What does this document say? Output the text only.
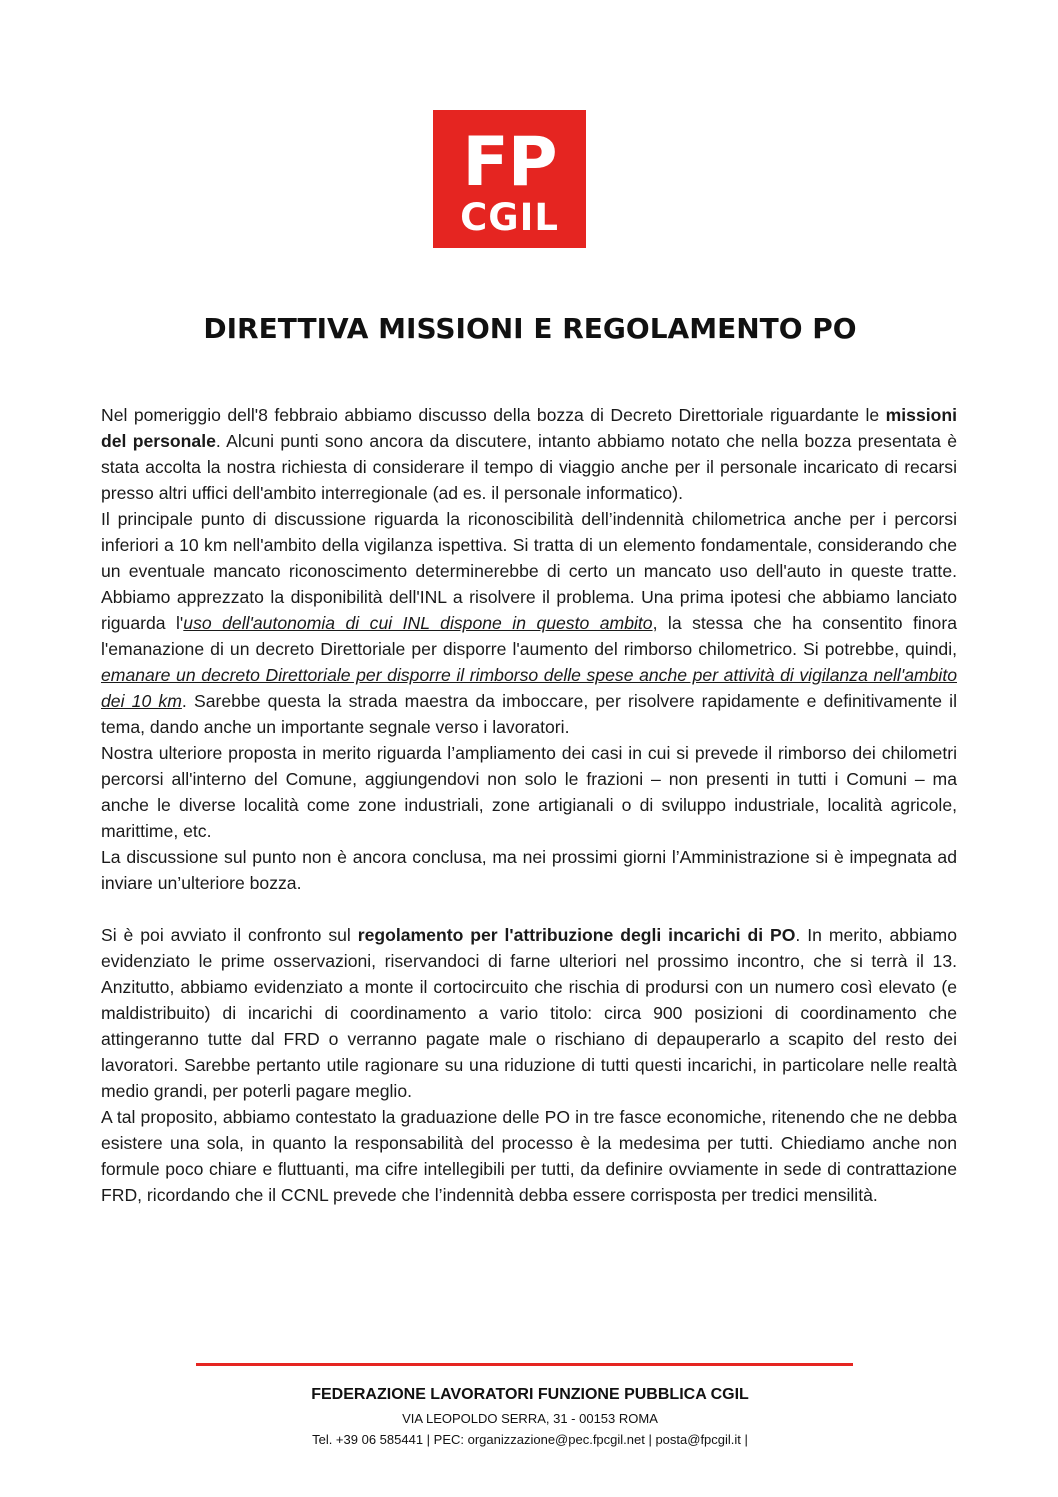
FP
CGIL
DIRETTIVA MISSIONI E REGOLAMENTO PO

Nel pomeriggio dell'8 febbraio abbiamo discusso della bozza di Decreto Direttoriale riguardante le missioni del personale. Alcuni punti sono ancora da discutere, intanto abbiamo notato che nella bozza presentata è stata accolta la nostra richiesta di considerare il tempo di viaggio anche per il personale incaricato di recarsi presso altri uffici dell'ambito interregionale (ad es. il personale informatico).

Il principale punto di discussione riguarda la riconoscibilità dell’indennità chilometrica anche per i percorsi inferiori a 10 km nell'ambito della vigilanza ispettiva. Si tratta di un elemento fondamentale, considerando che un eventuale mancato riconoscimento determinerebbe di certo un mancato uso dell'auto in queste tratte. Abbiamo apprezzato la disponibilità dell'INL a risolvere il problema. Una prima ipotesi che abbiamo lanciato riguarda l'uso dell'autonomia di cui INL dispone in questo ambito, la stessa che ha consentito finora l'emanazione di un decreto Direttoriale per disporre l'aumento del rimborso chilometrico. Si potrebbe, quindi, emanare un decreto Direttoriale per disporre il rimborso delle spese anche per attività di vigilanza nell'ambito dei 10 km. Sarebbe questa la strada maestra da imboccare, per risolvere rapidamente e definitivamente il tema, dando anche un importante segnale verso i lavoratori.

Nostra ulteriore proposta in merito riguarda l’ampliamento dei casi in cui si prevede il rimborso dei chilometri percorsi all'interno del Comune, aggiungendovi non solo le frazioni – non presenti in tutti i Comuni – ma anche le diverse località come zone industriali, zone artigianali o di sviluppo industriale, località agricole, marittime, etc.

La discussione sul punto non è ancora conclusa, ma nei prossimi giorni l’Amministrazione si è impegnata ad inviare un’ulteriore bozza.

Si è poi avviato il confronto sul regolamento per l'attribuzione degli incarichi di PO. In merito, abbiamo evidenziato le prime osservazioni, riservandoci di farne ulteriori nel prossimo incontro, che si terrà il 13. Anzitutto, abbiamo evidenziato a monte il cortocircuito che rischia di prodursi con un numero così elevato (e maldistribuito) di incarichi di coordinamento a vario titolo: circa 900 posizioni di coordinamento che attingeranno tutte dal FRD o verranno pagate male o rischiano di depauperarlo a scapito del resto dei lavoratori. Sarebbe pertanto utile ragionare su una riduzione di tutti questi incarichi, in particolare nelle realtà medio grandi, per poterli pagare meglio.

A tal proposito, abbiamo contestato la graduazione delle PO in tre fasce economiche, ritenendo che ne debba esistere una sola, in quanto la responsabilità del processo è la medesima per tutti. Chiediamo anche non formule poco chiare e fluttuanti, ma cifre intellegibili per tutti, da definire ovviamente in sede di contrattazione FRD, ricordando che il CCNL prevede che l’indennità debba essere corrisposta per tredici mensilità.

FEDERAZIONE LAVORATORI FUNZIONE PUBBLICA CGIL
VIA LEOPOLDO SERRA, 31 - 00153 ROMA
Tel. +39 06 585441 | PEC: organizzazione@pec.fpcgil.net | posta@fpcgil.it |
